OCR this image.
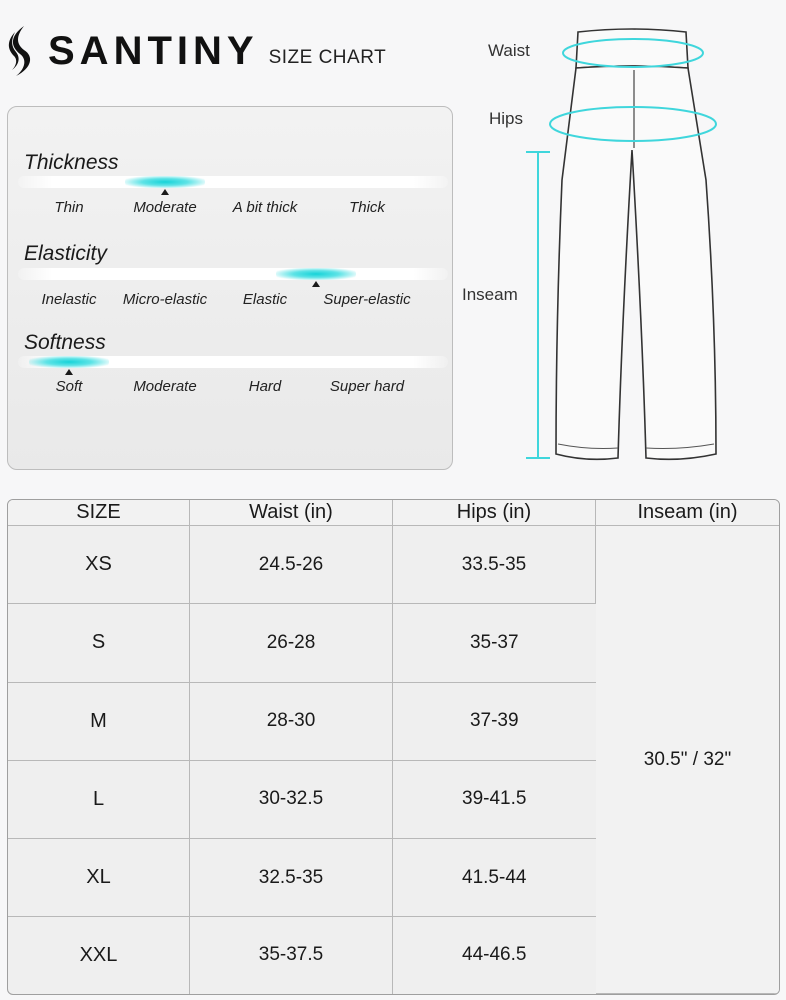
SANTINY SIZE CHART
Thickness
Thin	Moderate A bit thick	Thick
Elasticity
Inelastic Micro-elastic Elastic Super-elastic
Softness
Soft	Moderate	Hard	Super hard
Waist
Hips
Inseam
SIZE	Waist (in)	Hips (in)	Inseam (in)
XS	24.5-26	33.5-35	30.5" / 32"
S	26-28	35-37	
M	28-30	37-39	
L	30-32.5	39-41.5	
XL	32.5-35	41.5-44	
XXL	35-37.5	44-46.5	
